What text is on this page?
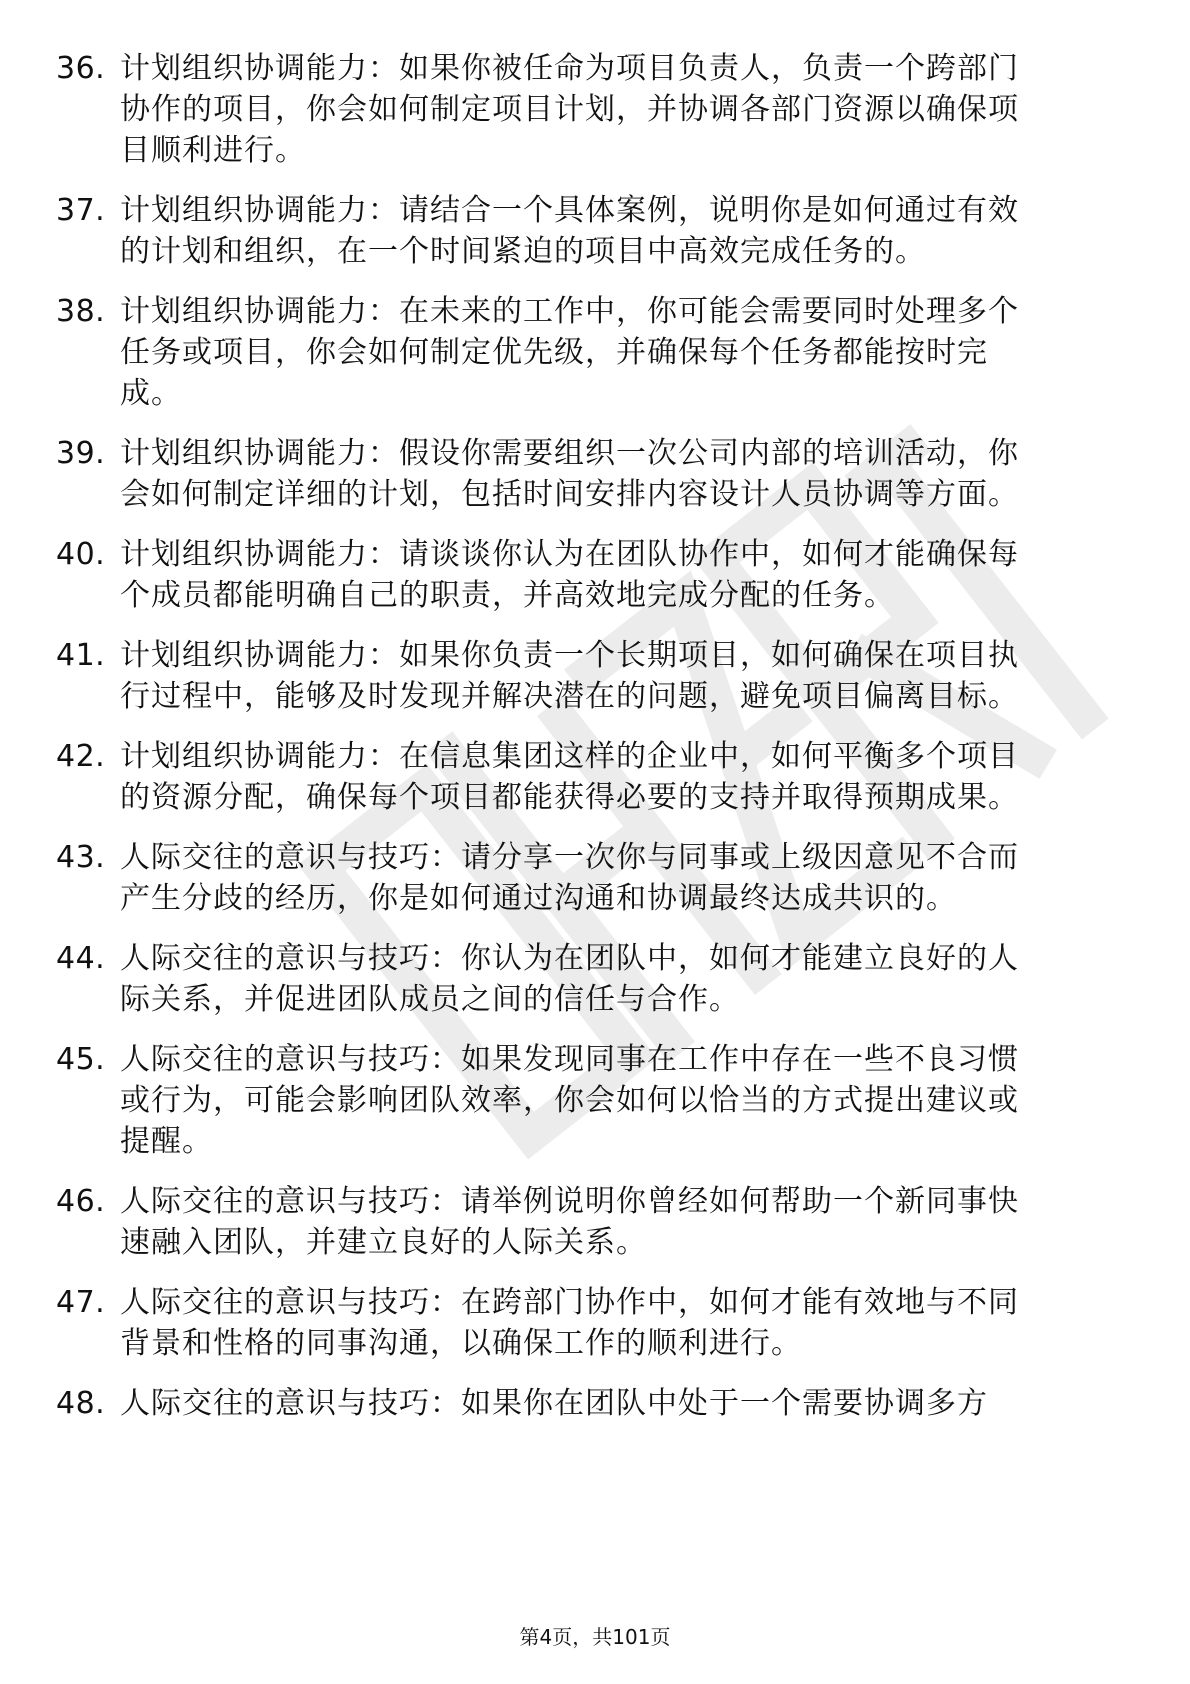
36. 计划组织协调能力：如果你被任命为项目负责人，负责一个跨部门协作的项目，你会如何制定项目计划，并协调各部门资源以确保项目顺利进行。
37. 计划组织协调能力：请结合一个具体案例，说明你是如何通过有效的计划和组织，在一个时间紧迫的项目中高效完成任务的。
38. 计划组织协调能力：在未来的工作中，你可能会需要同时处理多个任务或项目，你会如何制定优先级，并确保每个任务都能按时完成。
39. 计划组织协调能力：假设你需要组织一次公司内部的培训活动，你会如何制定详细的计划，包括时间安排内容设计人员协调等方面。
40. 计划组织协调能力：请谈谈你认为在团队协作中，如何才能确保每个成员都能明确自己的职责，并高效地完成分配的任务。
41. 计划组织协调能力：如果你负责一个长期项目，如何确保在项目执行过程中，能够及时发现并解决潜在的问题，避免项目偏离目标。
42. 计划组织协调能力：在信息集团这样的企业中，如何平衡多个项目的资源分配，确保每个项目都能获得必要的支持并取得预期成果。
43. 人际交往的意识与技巧：请分享一次你与同事或上级因意见不合而产生分歧的经历，你是如何通过沟通和协调最终达成共识的。
44. 人际交往的意识与技巧：你认为在团队中，如何才能建立良好的人际关系，并促进团队成员之间的信任与合作。
45. 人际交往的意识与技巧：如果发现同事在工作中存在一些不良习惯或行为，可能会影响团队效率，你会如何以恰当的方式提出建议或提醒。
46. 人际交往的意识与技巧：请举例说明你曾经如何帮助一个新同事快速融入团队，并建立良好的人际关系。
47. 人际交往的意识与技巧：在跨部门协作中，如何才能有效地与不同背景和性格的同事沟通，以确保工作的顺利进行。
48. 人际交往的意识与技巧：如果你在团队中处于一个需要协调多方
第4页，共101页
